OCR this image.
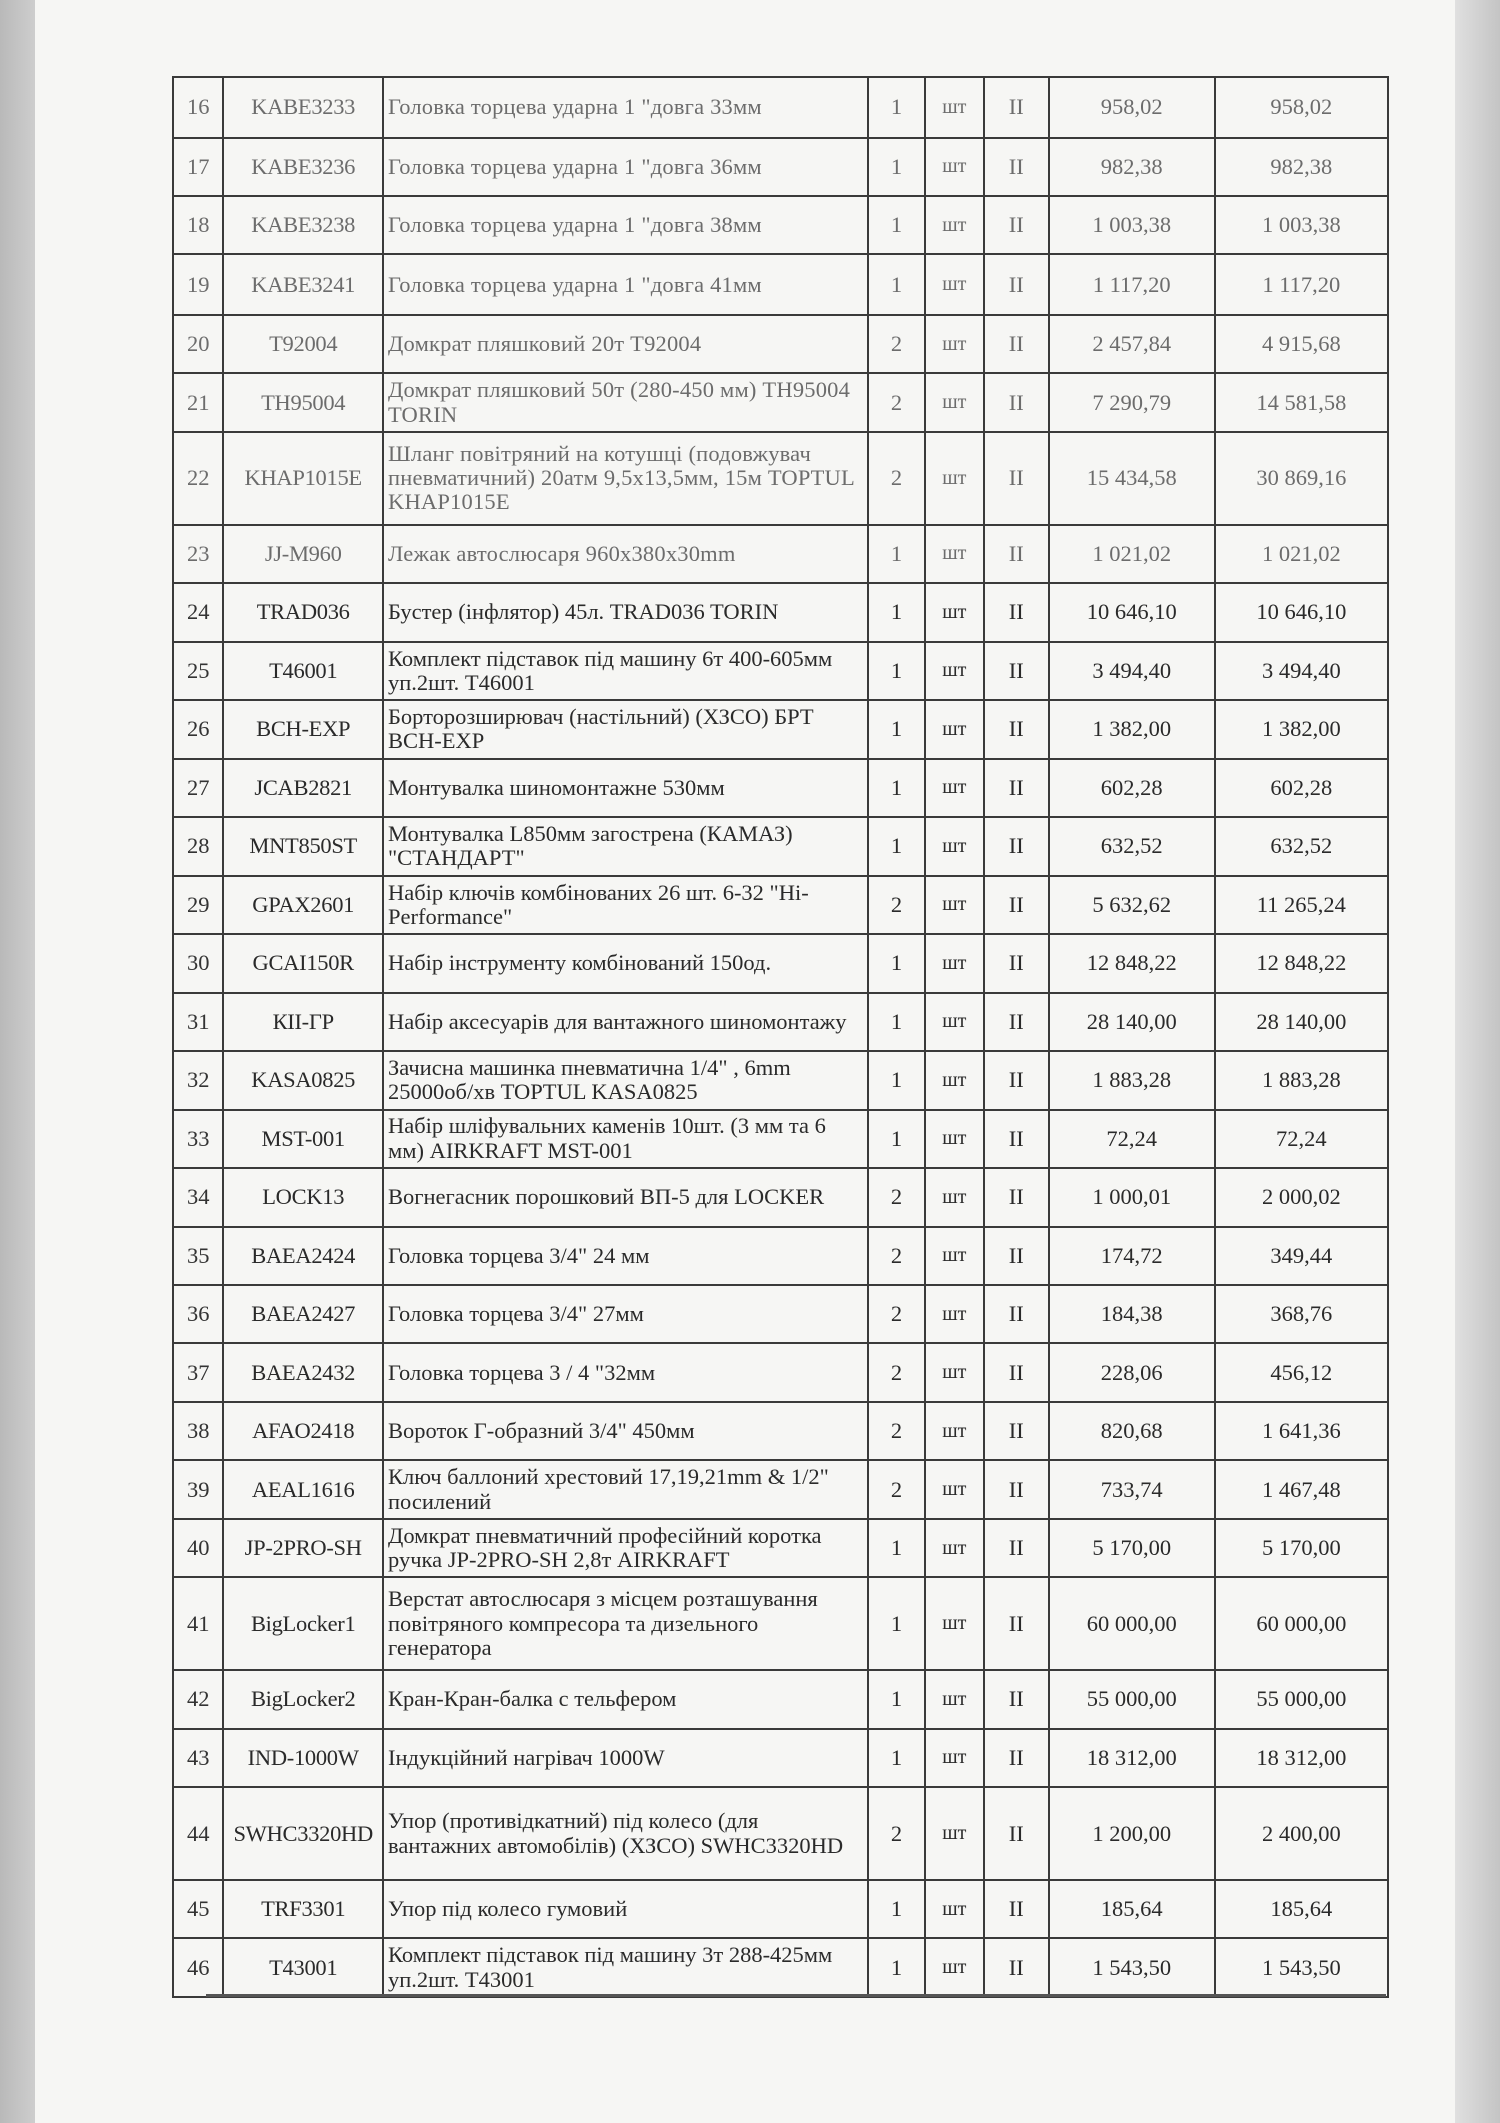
16	KABE3233	Головка торцева ударна 1 "довга 33мм	1	шт	II	958,02	958,02
17	KABE3236	Головка торцева ударна 1 "довга 36мм	1	шт	II	982,38	982,38
18	KABE3238	Головка торцева ударна 1 "довга 38мм	1	шт	II	1 003,38	1 003,38
19	KABE3241	Головка торцева ударна 1 "довга 41мм	1	шт	II	1 117,20	1 117,20
20	T92004	Домкрат пляшковий 20т T92004	2	шт	II	2 457,84	4 915,68
21	TH95004	Домкрат пляшковий 50т (280-450 мм) TH95004 TORIN	2	шт	II	7 290,79	14 581,58
22	KHAP1015E	Шланг повітряний на котушці (подовжувач пневматичний) 20атм 9,5x13,5мм, 15м TOPTUL KHAP1015E	2	шт	II	15 434,58	30 869,16
23	JJ-M960	Лежак автослюсаря 960x380x30mm	1	шт	II	1 021,02	1 021,02
24	TRAD036	Бустер (інфлятор) 45л. TRAD036 TORIN	1	шт	II	10 646,10	10 646,10
25	T46001	Комплект підставок під машину 6т 400-605мм уп.2шт. T46001	1	шт	II	3 494,40	3 494,40
26	BCH-EXP	Борторозширювач (настільний) (ХЗСО) БРТ BCH-EXP	1	шт	II	1 382,00	1 382,00
27	JCAB2821	Монтувалка шиномонтажне 530мм	1	шт	II	602,28	602,28
28	MNT850ST	Монтувалка L850мм загострена (КАМАЗ) "СТАНДАРТ"	1	шт	II	632,52	632,52
29	GPAX2601	Набір ключів комбінованих 26 шт. 6-32 "Hi-Performance"	2	шт	II	5 632,62	11 265,24
30	GCAI150R	Набір інструменту комбінований 150од.	1	шт	II	12 848,22	12 848,22
31	КІІ-ГР	Набір аксесуарів для вантажного шиномонтажу	1	шт	II	28 140,00	28 140,00
32	KASA0825	Зачисна машинка пневматична 1/4" , 6mm 25000об/хв TOPTUL KASA0825	1	шт	II	1 883,28	1 883,28
33	MST-001	Набір шліфувальних каменів 10шт. (3 мм та 6 мм) AIRKRAFT MST-001	1	шт	II	72,24	72,24
34	LOCK13	Вогнегасник порошковий ВП-5 для LOCKER	2	шт	II	1 000,01	2 000,02
35	BAEA2424	Головка торцева 3/4" 24 мм	2	шт	II	174,72	349,44
36	BAEA2427	Головка торцева 3/4" 27мм	2	шт	II	184,38	368,76
37	BAEA2432	Головка торцева 3 / 4 "32мм	2	шт	II	228,06	456,12
38	AFAO2418	Вороток Г-образний 3/4" 450мм	2	шт	II	820,68	1 641,36
39	AEAL1616	Ключ баллоний хрестовий 17,19,21mm & 1/2" посилений	2	шт	II	733,74	1 467,48
40	JP-2PRO-SH	Домкрат пневматичний професійний коротка ручка JP-2PRO-SH 2,8т AIRKRAFT	1	шт	II	5 170,00	5 170,00
41	BigLocker1	Верстат автослюсаря з місцем розташування повітряного компресора та дизельного генератора	1	шт	II	60 000,00	60 000,00
42	BigLocker2	Кран-Кран-балка с тельфером	1	шт	II	55 000,00	55 000,00
43	IND-1000W	Індукційний нагрівач 1000W	1	шт	II	18 312,00	18 312,00
44	SWHC3320HD	Упор (противідкатний) під колесо (для вантажних автомобілів) (ХЗСО) SWHC3320HD	2	шт	II	1 200,00	2 400,00
45	TRF3301	Упор під колесо гумовий	1	шт	II	185,64	185,64
46	T43001	Комплект підставок під машину 3т 288-425мм уп.2шт. T43001	1	шт	II	1 543,50	1 543,50
